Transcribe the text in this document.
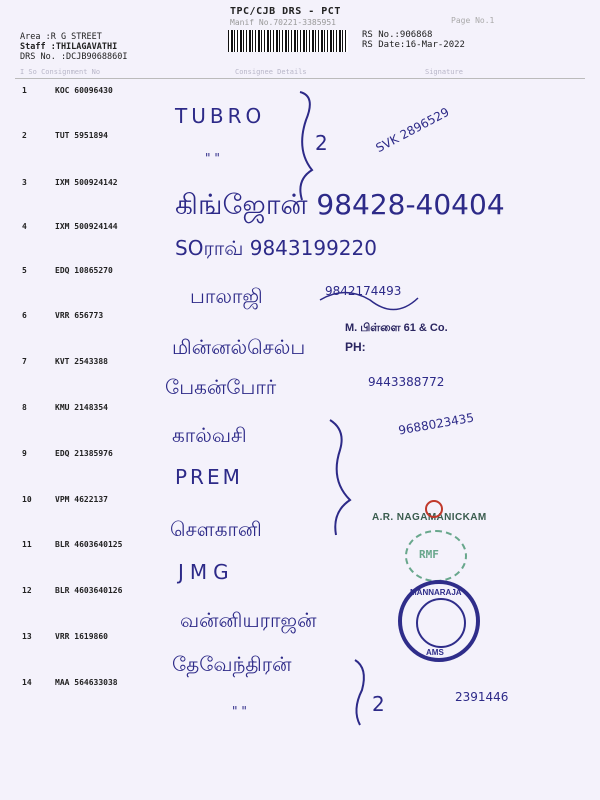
TPC/CJB DRS - PCT
Manif No.70221-3385951	Page No.1
RS No.:906868
RS Date:16-Mar-2022
Area :R G STREET
Staff :THILAGAVATHI
DRS No. :DCJB9068860I
I So Consignment No	Consignee Details	Signature
1	KOC 60096430
TUBRO
2	TUT 5951894
" "
2	SVK 2896529
3	IXM 500924142
கிங்ஜோன் 98428-40404
4	IXM 500924144
SOராவ் 9843199220
5	EDQ 10865270
பாலாஜி	9842174493
6	VRR 656773
மின்னல்செல்ப
7	KVT 2543388
பேகன்போர்	9443388772
8	KMU 2148354
கால்வசி	9688023435
9	EDQ 21385976
PREM
10	VPM 4622137
சௌகானி
11	BLR 4603640125
JMG
12	BLR 4603640126
வன்னியராஜன்
13	VRR 1619860
தேவேந்திரன்
14	MAA 564633038
" "	2	2391446
M. பிள்ளை 61 & Co.
PH:
A.R. NAGAMANICKAM
RMF
MANNARAJA
AMS
